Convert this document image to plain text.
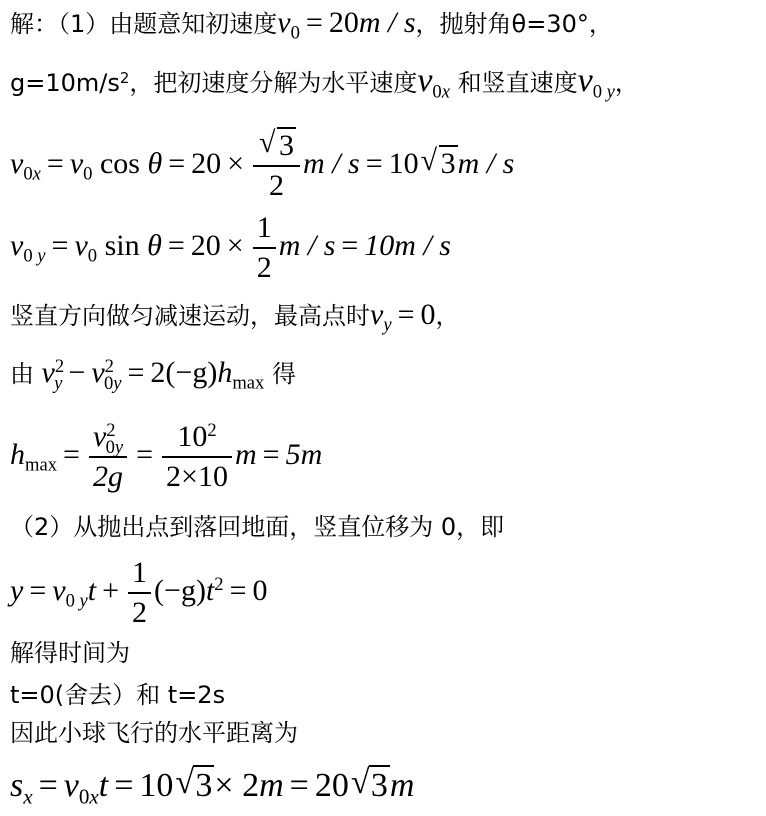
解：（1）由题意知初速度$v_0 = 20m / s$，抛射角θ=30°，
$g=10m/s^2$，把初速度分解为水平速度$v_{0x}$ 和竖直速度$v_{0 y}$，
$v_{0x} = v_0$ $\cos \theta = 20 \times \frac{√ 3}{2}$ m / s = 10 √ 3m / s
$v_{0 y} = v_0$ $\sin \theta = 20 \times \frac{1}{2}$ m / s = 10m / s
竖直方向做匀减速运动，最高点时$v_y = 0$，
由 $v^2_y - v^2_{0y} = 2(-g)h_{max}$ 得
$h_{max} = \frac{v^2_{0y}}{2g} = \frac{10^2}{2\times 10}$ m = 5m
（2）从抛出点到落回地面，竖直位移为 0，即
$y = v_{0 y}t + \frac{1}{2} (-g)t^2 = 0$
解得时间为
t=0(舍去）和 t=2s
因此小球飞行的水平距离为
$s_x = v_{0x}t = 10$ √ 3× 2m = 20 √ 3m
